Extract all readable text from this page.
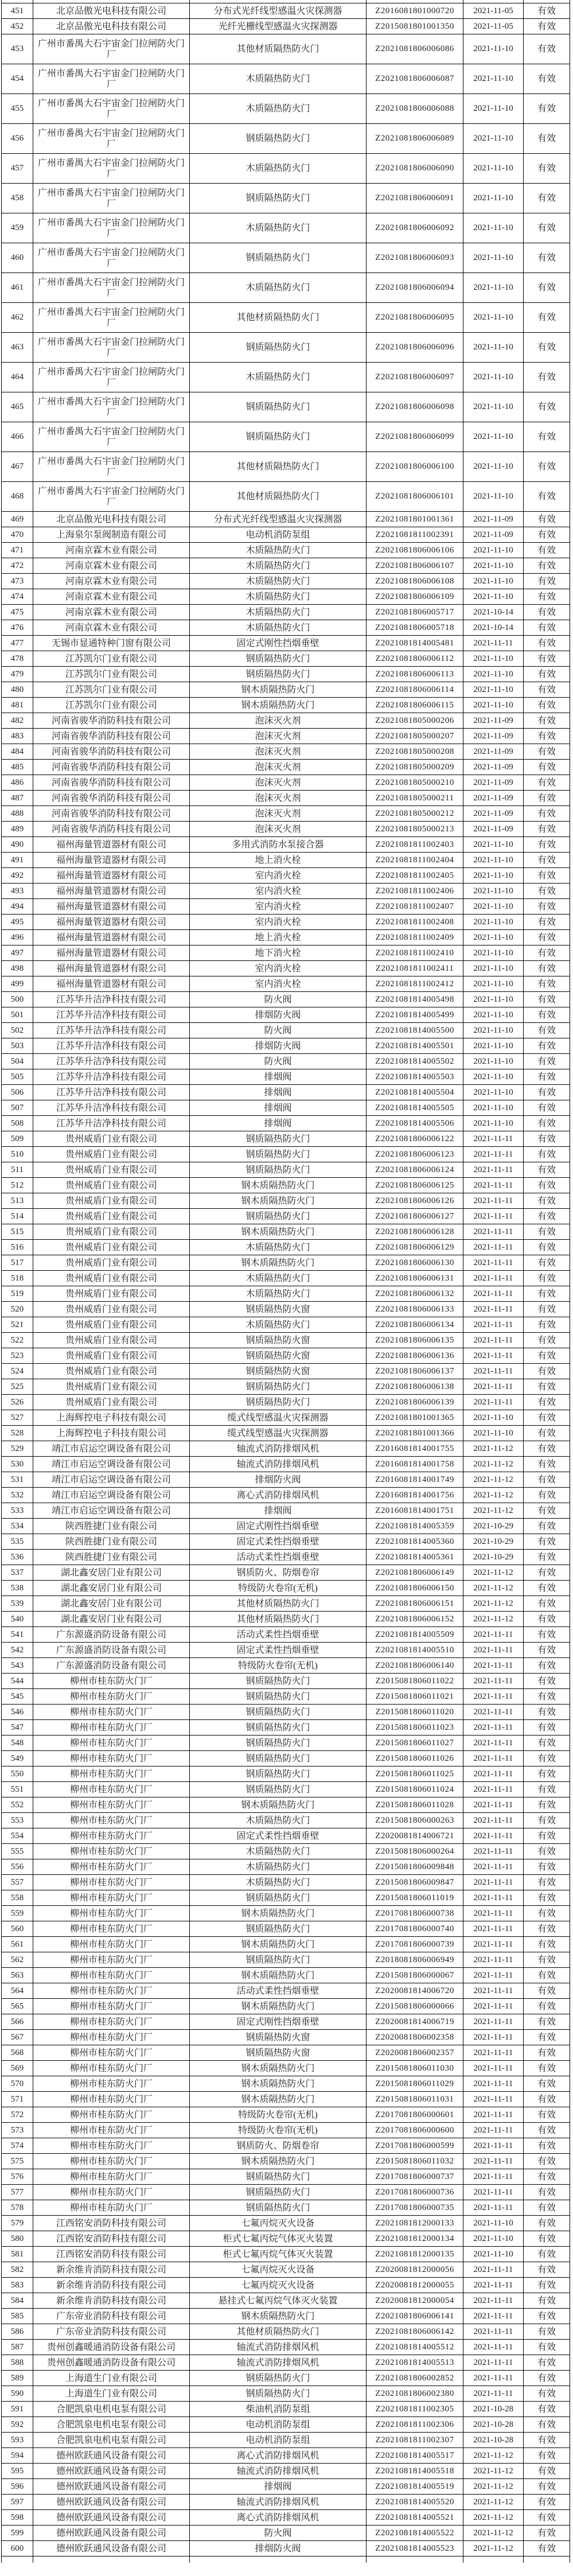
451	北京品傲光电科技有限公司	分布式光纤线型感温火灾探测器	Z2016081801000720	2021-11-05	有效
452	北京品傲光电科技有限公司	光纤光栅线型感温火灾探测器	Z2015081801001350	2021-11-05	有效
453	广州市番禺大石宇宙金门拉闸防火门厂	其他材质隔热防火门	Z2021081806006086	2021-11-10	有效
454	广州市番禺大石宇宙金门拉闸防火门厂	木质隔热防火门	Z2021081806006087	2021-11-10	有效
455	广州市番禺大石宇宙金门拉闸防火门厂	木质隔热防火门	Z2021081806006088	2021-11-10	有效
456	广州市番禺大石宇宙金门拉闸防火门厂	钢质隔热防火门	Z2021081806006089	2021-11-10	有效
457	广州市番禺大石宇宙金门拉闸防火门厂	木质隔热防火门	Z2021081806006090	2021-11-10	有效
458	广州市番禺大石宇宙金门拉闸防火门厂	钢质隔热防火门	Z2021081806006091	2021-11-10	有效
459	广州市番禺大石宇宙金门拉闸防火门厂	木质隔热防火门	Z2021081806006092	2021-11-10	有效
460	广州市番禺大石宇宙金门拉闸防火门厂	钢质隔热防火门	Z2021081806006093	2021-11-10	有效
461	广州市番禺大石宇宙金门拉闸防火门厂	木质隔热防火门	Z2021081806006094	2021-11-10	有效
462	广州市番禺大石宇宙金门拉闸防火门厂	其他材质隔热防火门	Z2021081806006095	2021-11-10	有效
463	广州市番禺大石宇宙金门拉闸防火门厂	钢质隔热防火门	Z2021081806006096	2021-11-10	有效
464	广州市番禺大石宇宙金门拉闸防火门厂	木质隔热防火门	Z2021081806006097	2021-11-10	有效
465	广州市番禺大石宇宙金门拉闸防火门厂	钢质隔热防火门	Z2021081806006098	2021-11-10	有效
466	广州市番禺大石宇宙金门拉闸防火门厂	钢质隔热防火门	Z2021081806006099	2021-11-10	有效
467	广州市番禺大石宇宙金门拉闸防火门厂	其他材质隔热防火门	Z2021081806006100	2021-11-10	有效
468	广州市番禺大石宇宙金门拉闸防火门厂	其他材质隔热防火门	Z2021081806006101	2021-11-10	有效
469	北京品傲光电科技有限公司	分布式光纤线型感温火灾探测器	Z2021081801001361	2021-11-09	有效
470	上海泉尔泵阀制造有限公司	电动机消防泵组	Z2021081811002391	2021-11-09	有效
471	河南京霖木业有限公司	木质隔热防火门	Z2021081806006106	2021-11-10	有效
472	河南京霖木业有限公司	木质隔热防火门	Z2021081806006107	2021-11-10	有效
473	河南京霖木业有限公司	木质隔热防火门	Z2021081806006108	2021-11-10	有效
474	河南京霖木业有限公司	木质隔热防火门	Z2021081806006109	2021-11-10	有效
475	河南京霖木业有限公司	木质隔热防火门	Z2021081806005717	2021-10-14	有效
476	河南京霖木业有限公司	木质隔热防火门	Z2021081806005718	2021-10-14	有效
477	无锡市显通特种门窗有限公司	固定式刚性挡烟垂壁	Z2021081814005481	2021-11-11	有效
478	江苏凯尔门业有限公司	钢质隔热防火门	Z2021081806006112	2021-11-10	有效
479	江苏凯尔门业有限公司	钢质隔热防火门	Z2021081806006113	2021-11-10	有效
480	江苏凯尔门业有限公司	钢木质隔热防火门	Z2021081806006114	2021-11-10	有效
481	江苏凯尔门业有限公司	钢木质隔热防火门	Z2021081806006115	2021-11-10	有效
482	河南省骏华消防科技有限公司	泡沫灭火剂	Z2021081805000206	2021-11-09	有效
483	河南省骏华消防科技有限公司	泡沫灭火剂	Z2021081805000207	2021-11-09	有效
484	河南省骏华消防科技有限公司	泡沫灭火剂	Z2021081805000208	2021-11-09	有效
485	河南省骏华消防科技有限公司	泡沫灭火剂	Z2021081805000209	2021-11-09	有效
486	河南省骏华消防科技有限公司	泡沫灭火剂	Z2021081805000210	2021-11-09	有效
487	河南省骏华消防科技有限公司	泡沫灭火剂	Z2021081805000211	2021-11-09	有效
488	河南省骏华消防科技有限公司	泡沫灭火剂	Z2021081805000212	2021-11-09	有效
489	河南省骏华消防科技有限公司	泡沫灭火剂	Z2021081805000213	2021-11-09	有效
490	福州海量管道器材有限公司	多用式消防水泵接合器	Z2021081811002403	2021-11-10	有效
491	福州海量管道器材有限公司	地上消火栓	Z2021081811002404	2021-11-10	有效
492	福州海量管道器材有限公司	室内消火栓	Z2021081811002405	2021-11-10	有效
493	福州海量管道器材有限公司	室内消火栓	Z2021081811002406	2021-11-10	有效
494	福州海量管道器材有限公司	室内消火栓	Z2021081811002407	2021-11-10	有效
495	福州海量管道器材有限公司	室内消火栓	Z2021081811002408	2021-11-10	有效
496	福州海量管道器材有限公司	地上消火栓	Z2021081811002409	2021-11-10	有效
497	福州海量管道器材有限公司	地下消火栓	Z2021081811002410	2021-11-10	有效
498	福州海量管道器材有限公司	室内消火栓	Z2021081811002411	2021-11-10	有效
499	福州海量管道器材有限公司	室内消火栓	Z2021081811002412	2021-11-10	有效
500	江苏华升洁净科技有限公司	防火阀	Z2021081814005498	2021-11-10	有效
501	江苏华升洁净科技有限公司	排烟防火阀	Z2021081814005499	2021-11-10	有效
502	江苏华升洁净科技有限公司	防火阀	Z2021081814005500	2021-11-10	有效
503	江苏华升洁净科技有限公司	排烟防火阀	Z2021081814005501	2021-11-10	有效
504	江苏华升洁净科技有限公司	防火阀	Z2021081814005502	2021-11-10	有效
505	江苏华升洁净科技有限公司	排烟阀	Z2021081814005503	2021-11-10	有效
506	江苏华升洁净科技有限公司	排烟阀	Z2021081814005504	2021-11-10	有效
507	江苏华升洁净科技有限公司	排烟阀	Z2021081814005505	2021-11-10	有效
508	江苏华升洁净科技有限公司	排烟阀	Z2021081814005506	2021-11-10	有效
509	贵州威盾门业有限公司	钢质隔热防火门	Z2021081806006122	2021-11-11	有效
510	贵州威盾门业有限公司	钢质隔热防火门	Z2021081806006123	2021-11-11	有效
511	贵州威盾门业有限公司	钢质隔热防火门	Z2021081806006124	2021-11-11	有效
512	贵州威盾门业有限公司	钢木质隔热防火门	Z2021081806006125	2021-11-11	有效
513	贵州威盾门业有限公司	钢木质隔热防火门	Z2021081806006126	2021-11-11	有效
514	贵州威盾门业有限公司	钢质隔热防火门	Z2021081806006127	2021-11-11	有效
515	贵州威盾门业有限公司	钢木质隔热防火门	Z2021081806006128	2021-11-11	有效
516	贵州威盾门业有限公司	木质隔热防火门	Z2021081806006129	2021-11-11	有效
517	贵州威盾门业有限公司	钢木质隔热防火门	Z2021081806006130	2021-11-11	有效
518	贵州威盾门业有限公司	木质隔热防火门	Z2021081806006131	2021-11-11	有效
519	贵州威盾门业有限公司	木质隔热防火门	Z2021081806006132	2021-11-11	有效
520	贵州威盾门业有限公司	钢质隔热防火窗	Z2021081806006133	2021-11-11	有效
521	贵州威盾门业有限公司	木质隔热防火门	Z2021081806006134	2021-11-11	有效
522	贵州威盾门业有限公司	钢质隔热防火窗	Z2021081806006135	2021-11-11	有效
523	贵州威盾门业有限公司	钢质隔热防火窗	Z2021081806006136	2021-11-11	有效
524	贵州威盾门业有限公司	钢质隔热防火窗	Z2021081806006137	2021-11-11	有效
525	贵州威盾门业有限公司	钢质隔热防火门	Z2021081806006138	2021-11-11	有效
526	贵州威盾门业有限公司	钢质隔热防火门	Z2021081806006139	2021-11-11	有效
527	上海辉控电子科技有限公司	缆式线型感温火灾探测器	Z2021081801001365	2021-11-10	有效
528	上海辉控电子科技有限公司	缆式线型感温火灾探测器	Z2021081801001366	2021-11-10	有效
529	靖江市启运空调设备有限公司	轴流式消防排烟风机	Z2016081814001755	2021-11-12	有效
530	靖江市启运空调设备有限公司	轴流式消防排烟风机	Z2016081814001758	2021-11-12	有效
531	靖江市启运空调设备有限公司	排烟防火阀	Z2016081814001749	2021-11-12	有效
532	靖江市启运空调设备有限公司	离心式消防排烟风机	Z2016081814001756	2021-11-12	有效
533	靖江市启运空调设备有限公司	排烟阀	Z2016081814001751	2021-11-12	有效
534	陕西胜捷门业有限公司	固定式刚性挡烟垂壁	Z2021081814005359	2021-10-29	有效
535	陕西胜捷门业有限公司	固定式柔性挡烟垂壁	Z2021081814005360	2021-10-29	有效
536	陕西胜捷门业有限公司	活动式柔性挡烟垂壁	Z2021081814005361	2021-10-29	有效
537	湖北鑫安居门业有限公司	钢质防火、防烟卷帘	Z2021081806006149	2021-11-12	有效
538	湖北鑫安居门业有限公司	特级防火卷帘(无机)	Z2021081806006150	2021-11-12	有效
539	湖北鑫安居门业有限公司	其他材质隔热防火门	Z2021081806006151	2021-11-12	有效
540	湖北鑫安居门业有限公司	其他材质隔热防火门	Z2021081806006152	2021-11-12	有效
541	广东源盛消防设备有限公司	活动式柔性挡烟垂壁	Z2021081814005509	2021-11-11	有效
542	广东源盛消防设备有限公司	固定式柔性挡烟垂壁	Z2021081814005510	2021-11-11	有效
543	广东源盛消防设备有限公司	特级防火卷帘(无机)	Z2021081806006140	2021-11-11	有效
544	柳州市桂东防火门厂	钢质隔热防火门	Z2015081806011022	2021-11-11	有效
545	柳州市桂东防火门厂	钢质隔热防火门	Z2015081806011021	2021-11-11	有效
546	柳州市桂东防火门厂	钢质隔热防火门	Z2015081806011020	2021-11-11	有效
547	柳州市桂东防火门厂	钢质隔热防火门	Z2015081806011023	2021-11-11	有效
548	柳州市桂东防火门厂	钢质隔热防火门	Z2015081806011027	2021-11-11	有效
549	柳州市桂东防火门厂	钢质隔热防火门	Z2015081806011026	2021-11-11	有效
550	柳州市桂东防火门厂	钢质隔热防火门	Z2015081806011025	2021-11-11	有效
551	柳州市桂东防火门厂	钢质隔热防火门	Z2015081806011024	2021-11-11	有效
552	柳州市桂东防火门厂	钢木质隔热防火门	Z2015081806011028	2021-11-11	有效
553	柳州市桂东防火门厂	木质隔热防火门	Z2015081806000263	2021-11-11	有效
554	柳州市桂东防火门厂	固定式柔性挡烟垂壁	Z2020081814006721	2021-11-11	有效
555	柳州市桂东防火门厂	木质隔热防火门	Z2015081806000264	2021-11-11	有效
556	柳州市桂东防火门厂	木质隔热防火门	Z2015081806009848	2021-11-11	有效
557	柳州市桂东防火门厂	木质隔热防火门	Z2015081806009847	2021-11-11	有效
558	柳州市桂东防火门厂	钢质隔热防火门	Z2015081806011019	2021-11-11	有效
559	柳州市桂东防火门厂	钢木质隔热防火门	Z2017081806000738	2021-11-11	有效
560	柳州市桂东防火门厂	钢质隔热防火门	Z2017081806000740	2021-11-11	有效
561	柳州市桂东防火门厂	钢木质隔热防火门	Z2017081806000739	2021-11-11	有效
562	柳州市桂东防火门厂	钢质隔热防火门	Z2018081806006949	2021-11-11	有效
563	柳州市桂东防火门厂	钢木质隔热防火门	Z2015081806000067	2021-11-11	有效
564	柳州市桂东防火门厂	活动式柔性挡烟垂壁	Z2020081814006720	2021-11-11	有效
565	柳州市桂东防火门厂	钢木质隔热防火门	Z2015081806000066	2021-11-11	有效
566	柳州市桂东防火门厂	固定式刚性挡烟垂壁	Z2020081814006719	2021-11-11	有效
567	柳州市桂东防火门厂	钢质隔热防火窗	Z2020081806002358	2021-11-11	有效
568	柳州市桂东防火门厂	钢质隔热防火窗	Z2020081806002357	2021-11-11	有效
569	柳州市桂东防火门厂	钢木质隔热防火门	Z2015081806011030	2021-11-11	有效
570	柳州市桂东防火门厂	钢木质隔热防火门	Z2015081806011029	2021-11-11	有效
571	柳州市桂东防火门厂	钢木质隔热防火门	Z2015081806011031	2021-11-11	有效
572	柳州市桂东防火门厂	特级防火卷帘(无机)	Z2017081806000601	2021-11-11	有效
573	柳州市桂东防火门厂	特级防火卷帘(无机)	Z2017081806000600	2021-11-11	有效
574	柳州市桂东防火门厂	钢质防火、防烟卷帘	Z2017081806000599	2021-11-11	有效
575	柳州市桂东防火门厂	钢木质隔热防火门	Z2015081806011032	2021-11-11	有效
576	柳州市桂东防火门厂	钢质隔热防火门	Z2017081806000737	2021-11-11	有效
577	柳州市桂东防火门厂	钢质隔热防火门	Z2017081806000736	2021-11-11	有效
578	柳州市桂东防火门厂	钢质隔热防火门	Z2017081806000735	2021-11-11	有效
579	江西铭安消防科技有限公司	七氟丙烷灭火设备	Z2021081812000133	2021-11-10	有效
580	江西铭安消防科技有限公司	柜式七氟丙烷气体灭火装置	Z2021081812000134	2021-11-10	有效
581	江西铭安消防科技有限公司	柜式七氟丙烷气体灭火装置	Z2021081812000135	2021-11-10	有效
582	新余维肯消防科技有限公司	七氟丙烷灭火设备	Z2020081812000056	2021-11-11	有效
583	新余维肯消防科技有限公司	七氟丙烷灭火设备	Z2020081812000055	2021-11-11	有效
584	新余维肯消防科技有限公司	悬挂式七氟丙烷气体灭火装置	Z2020081812000054	2021-11-11	有效
585	广东帝业消防科技有限公司	钢木质隔热防火门	Z2021081806006141	2021-11-11	有效
586	广东帝业消防科技有限公司	其他材质隔热防火门	Z2021081806006142	2021-11-11	有效
587	贵州创鑫暖通消防设备有限公司	轴流式消防排烟风机	Z2021081814005512	2021-11-11	有效
588	贵州创鑫暖通消防设备有限公司	轴流式消防排烟风机	Z2021081814005513	2021-11-11	有效
589	上海道生门业有限公司	钢质隔热防火门	Z2021081806002852	2021-11-11	有效
590	上海道生门业有限公司	钢质隔热防火门	Z2021081806002380	2021-11-11	有效
591	合肥凯泉电机电泵有限公司	柴油机消防泵组	Z2021081811002305	2021-10-28	有效
592	合肥凯泉电机电泵有限公司	电动机消防泵组	Z2021081811002306	2021-10-28	有效
593	合肥凯泉电机电泵有限公司	电动机消防泵组	Z2021081811002307	2021-10-28	有效
594	德州欧跃通风设备有限公司	离心式消防排烟风机	Z2021081814005517	2021-11-12	有效
595	德州欧跃通风设备有限公司	轴流式消防排烟风机	Z2021081814005518	2021-11-12	有效
596	德州欧跃通风设备有限公司	排烟阀	Z2021081814005519	2021-11-12	有效
597	德州欧跃通风设备有限公司	轴流式消防排烟风机	Z2021081814005520	2021-11-12	有效
598	德州欧跃通风设备有限公司	离心式消防排烟风机	Z2021081814005521	2021-11-12	有效
599	德州欧跃通风设备有限公司	防火阀	Z2021081814005522	2021-11-12	有效
600	德州欧跃通风设备有限公司	排烟防火阀	Z2021081814005523	2021-11-12	有效
